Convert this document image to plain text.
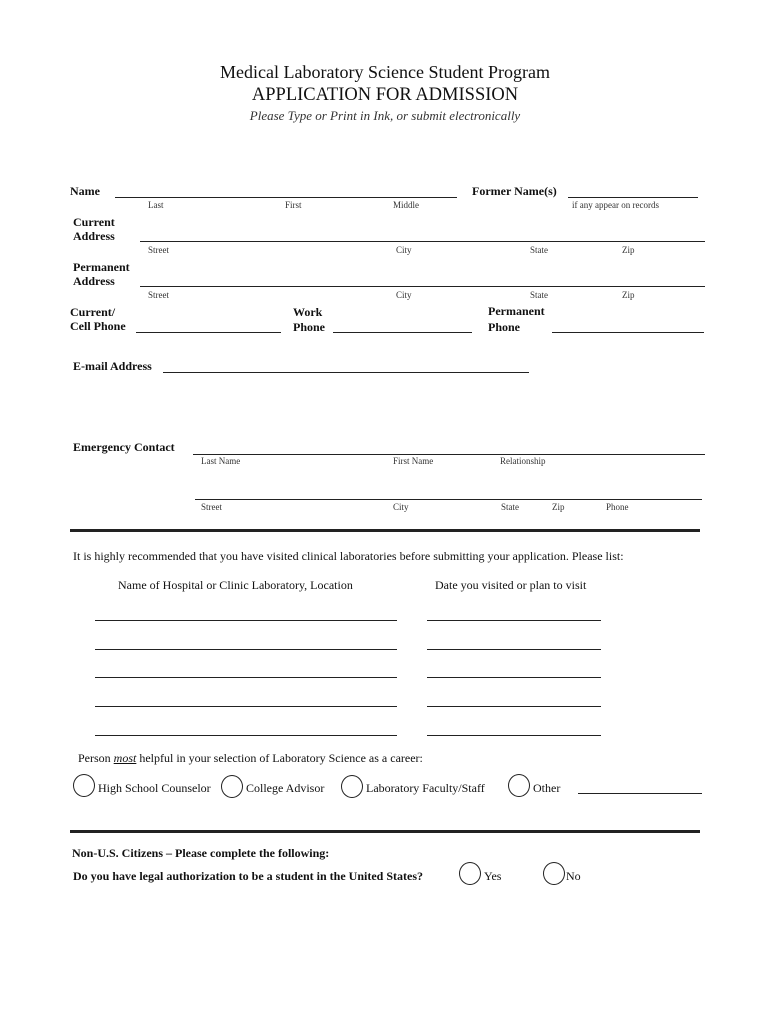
Medical Laboratory Science Student Program
APPLICATION FOR ADMISSION
Please Type or Print in Ink, or submit electronically
Name
Last	First	Middle
Former Name(s)
if any appear on records
Current
Address
Street	City	State	Zip
Permanent
Address
Street	City	State	Zip
Current/
Cell Phone
Work
Phone
Permanent
Phone
E-mail Address
Emergency Contact
Last Name	First Name	Relationship
Street	City	State	Zip	Phone
It is highly recommended that you have visited clinical laboratories before submitting your application. Please list:
Name of Hospital or Clinic Laboratory, Location	Date you visited or plan to visit
Person most helpful in your selection of Laboratory Science as a career:
High School Counselor	College Advisor	Laboratory Faculty/Staff	Other
Non-U.S. Citizens – Please complete the following:
Do you have legal authorization to be a student in the United States?	Yes	No
